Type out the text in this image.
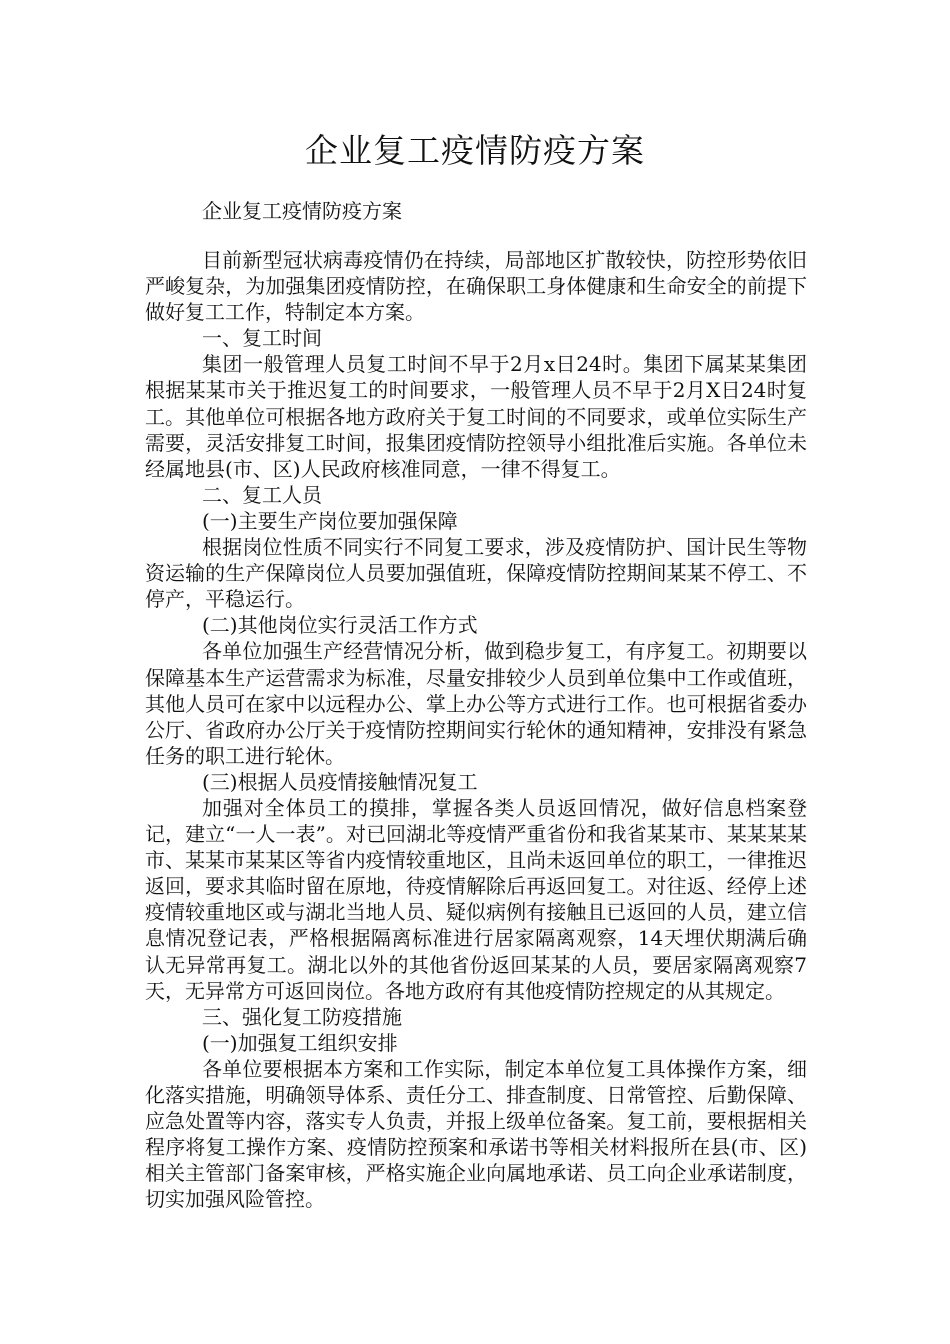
企业复工疫情防疫方案

企业复工疫情防疫方案

目前新型冠状病毒疫情仍在持续，局部地区扩散较快，防控形势依旧严峻复杂，为加强集团疫情防控，在确保职工身体健康和生命安全的前提下做好复工工作，特制定本方案。

一、复工时间

集团一般管理人员复工时间不早于2月x日24时。集团下属某某集团根据某某市关于推迟复工的时间要求，一般管理人员不早于2月X日24时复工。其他单位可根据各地方政府关于复工时间的不同要求，或单位实际生产需要，灵活安排复工时间，报集团疫情防控领导小组批准后实施。各单位未经属地县(市、区)人民政府核准同意，一律不得复工。

二、复工人员

(一)主要生产岗位要加强保障

根据岗位性质不同实行不同复工要求，涉及疫情防护、国计民生等物资运输的生产保障岗位人员要加强值班，保障疫情防控期间某某不停工、不停产，平稳运行。

(二)其他岗位实行灵活工作方式

各单位加强生产经营情况分析，做到稳步复工，有序复工。初期要以保障基本生产运营需求为标准，尽量安排较少人员到单位集中工作或值班，其他人员可在家中以远程办公、掌上办公等方式进行工作。也可根据省委办公厅、省政府办公厅关于疫情防控期间实行轮休的通知精神，安排没有紧急任务的职工进行轮休。

(三)根据人员疫情接触情况复工

加强对全体员工的摸排，掌握各类人员返回情况，做好信息档案登记，建立“一人一表”。对已回湖北等疫情严重省份和我省某某市、某某某某市、某某市某某区等省内疫情较重地区，且尚未返回单位的职工，一律推迟返回，要求其临时留在原地，待疫情解除后再返回复工。对往返、经停上述疫情较重地区或与湖北当地人员、疑似病例有接触且已返回的人员，建立信息情况登记表，严格根据隔离标准进行居家隔离观察，14天埋伏期满后确认无异常再复工。湖北以外的其他省份返回某某的人员，要居家隔离观察7天，无异常方可返回岗位。各地方政府有其他疫情防控规定的从其规定。

三、强化复工防疫措施

(一)加强复工组织安排

各单位要根据本方案和工作实际，制定本单位复工具体操作方案，细化落实措施，明确领导体系、责任分工、排查制度、日常管控、后勤保障、应急处置等内容，落实专人负责，并报上级单位备案。复工前，要根据相关程序将复工操作方案、疫情防控预案和承诺书等相关材料报所在县(市、区)相关主管部门备案审核，严格实施企业向属地承诺、员工向企业承诺制度，切实加强风险管控。
